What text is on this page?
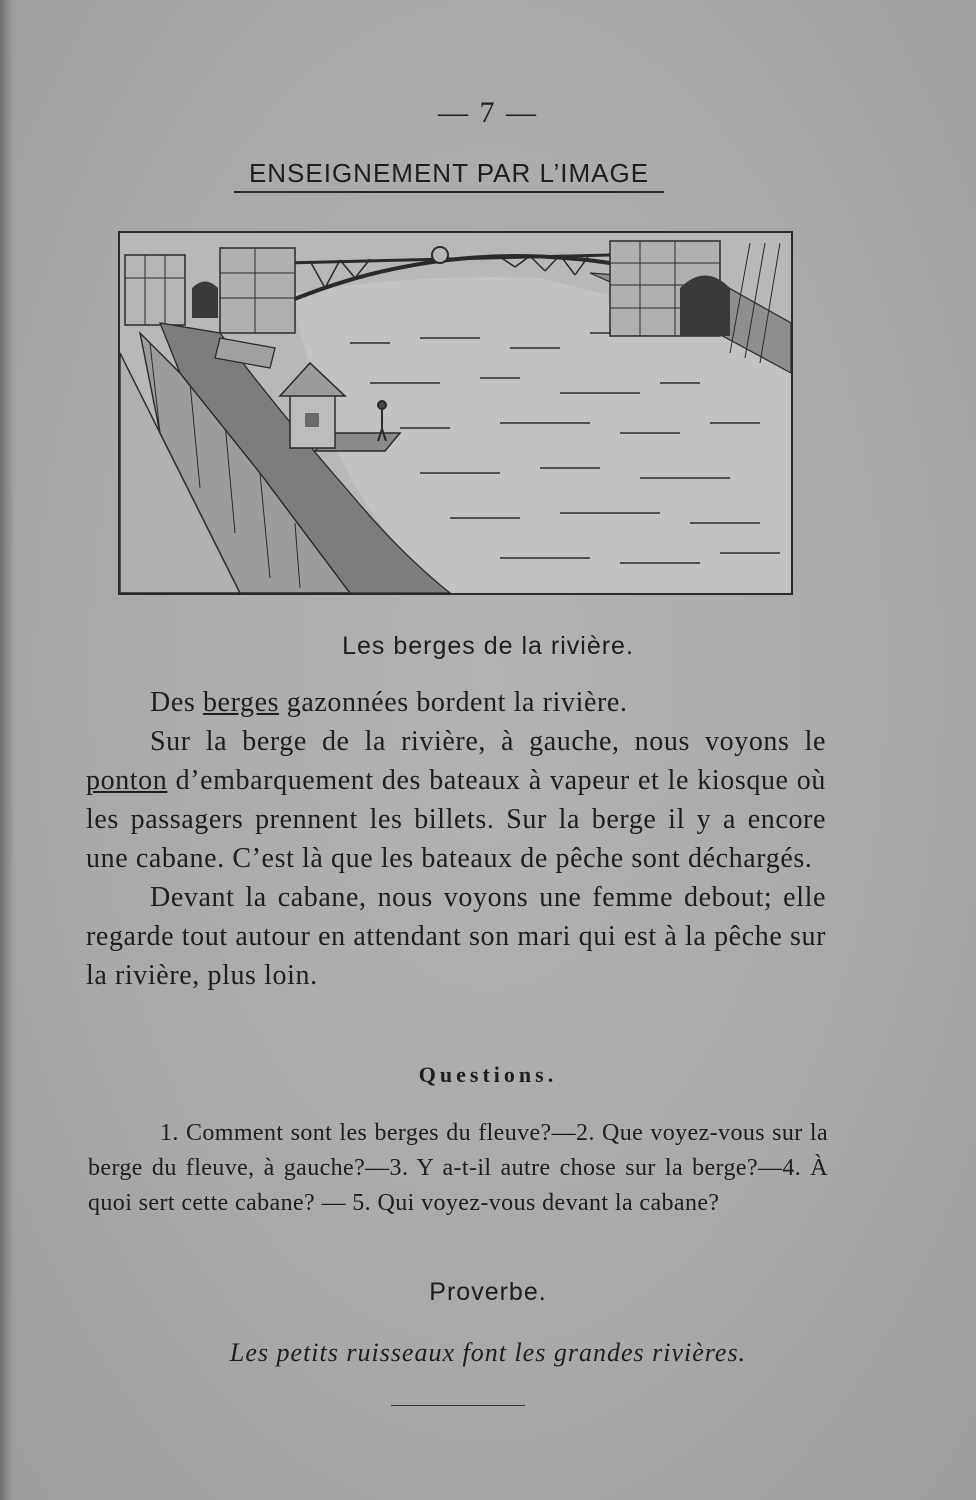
— 7 —
ENSEIGNEMENT PAR L’IMAGE
Les berges de la rivière.

Des berges gazonnées bordent la rivière.

Sur la berge de la rivière, à gauche, nous voyons le ponton d’embarquement des bateaux à vapeur et le kiosque où les passagers prennent les billets. Sur la berge il y a encore une cabane. C’est là que les bateaux de pêche sont déchargés.

Devant la cabane, nous voyons une femme debout; elle regarde tout autour en attendant son mari qui est à la pêche sur la rivière, plus loin.

Questions.

1. Comment sont les berges du fleuve?—2. Que voyez-vous sur la berge du fleuve, à gauche?—3. Y a-t-il autre chose sur la berge?—4. À quoi sert cette cabane? — 5. Qui voyez-vous devant la cabane?

Proverbe.
Les petits ruisseaux font les grandes rivières.
